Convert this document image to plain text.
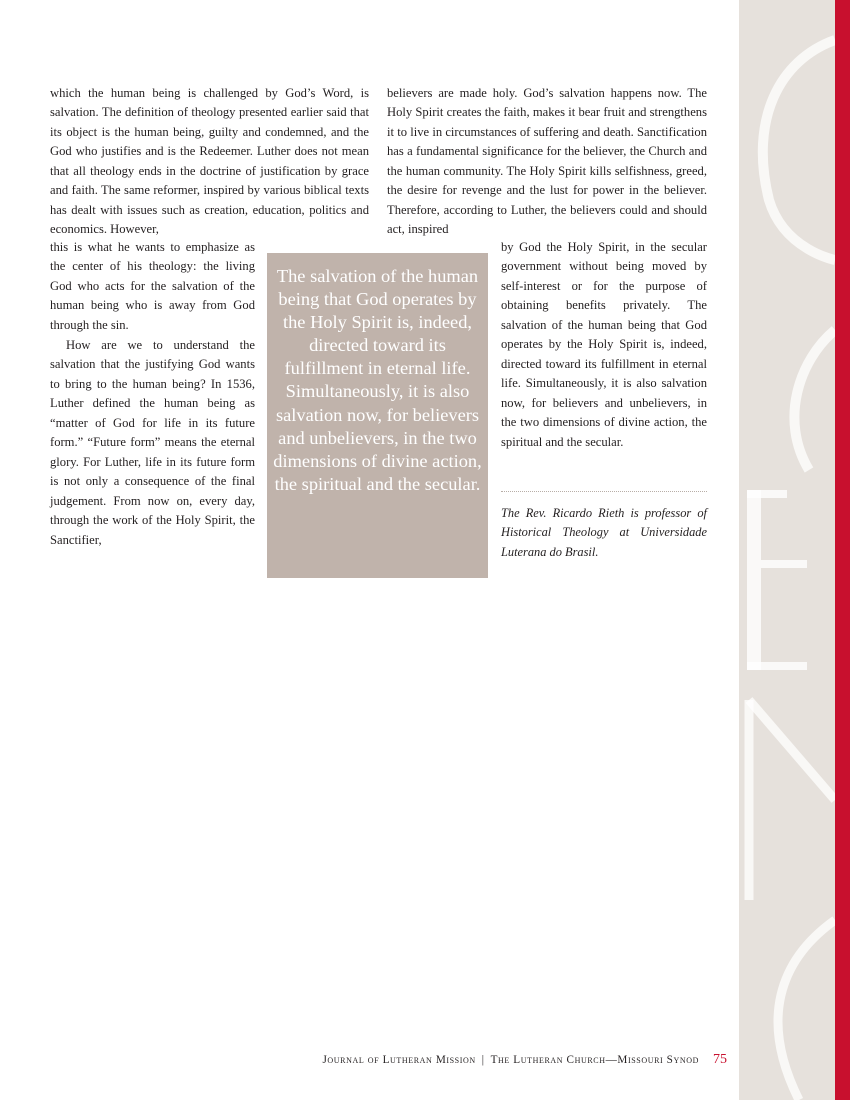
which the human being is challenged by God’s Word, is salvation. The definition of theology presented earlier said that its object is the human being, guilty and condemned, and the God who justifies and is the Redeemer. Luther does not mean that all theology ends in the doctrine of justification by grace and faith. The same reformer, inspired by various biblical texts has dealt with issues such as creation, education, politics and economics. However,

this is what he wants to emphasize as the center of his theology: the living God who acts for the salvation of the human being who is away from God through the sin.

How are we to understand the salvation that the justifying God wants to bring to the human being? In 1536, Luther defined the human being as “matter of God for life in its future form.” “Future form” means the eternal glory. For Luther, life in its future form is not only a consequence of the final judgement. From now on, every day, through the work of the Holy Spirit, the Sanctifier,

The salvation of the human being that God operates by the Holy Spirit is, indeed, directed toward its fulfillment in eternal life. Simultaneously, it is also salvation now, for believers and unbelievers, in the two dimensions of divine action, the spiritual and the secular.

believers are made holy. God’s salvation happens now. The Holy Spirit creates the faith, makes it bear fruit and strengthens it to live in circumstances of suffering and death. Sanctification has a fundamental significance for the believer, the Church and the human community. The Holy Spirit kills selfishness, greed, the desire for revenge and the lust for power in the believer. Therefore, according to Luther, the believers could and should act, inspired

by God the Holy Spirit, in the secular government without being moved by self-interest or for the purpose of obtaining benefits privately. The salvation of the human being that God operates by the Holy Spirit is, indeed, directed toward its fulfillment in eternal life. Simultaneously, it is also salvation now, for believers and unbelievers, in the two dimensions of divine action, the spiritual and the secular.

The Rev. Ricardo Rieth is professor of Historical Theology at Universidade Luterana do Brasil.

Journal of Lutheran Mission | The Lutheran Church—Missouri Synod 75
